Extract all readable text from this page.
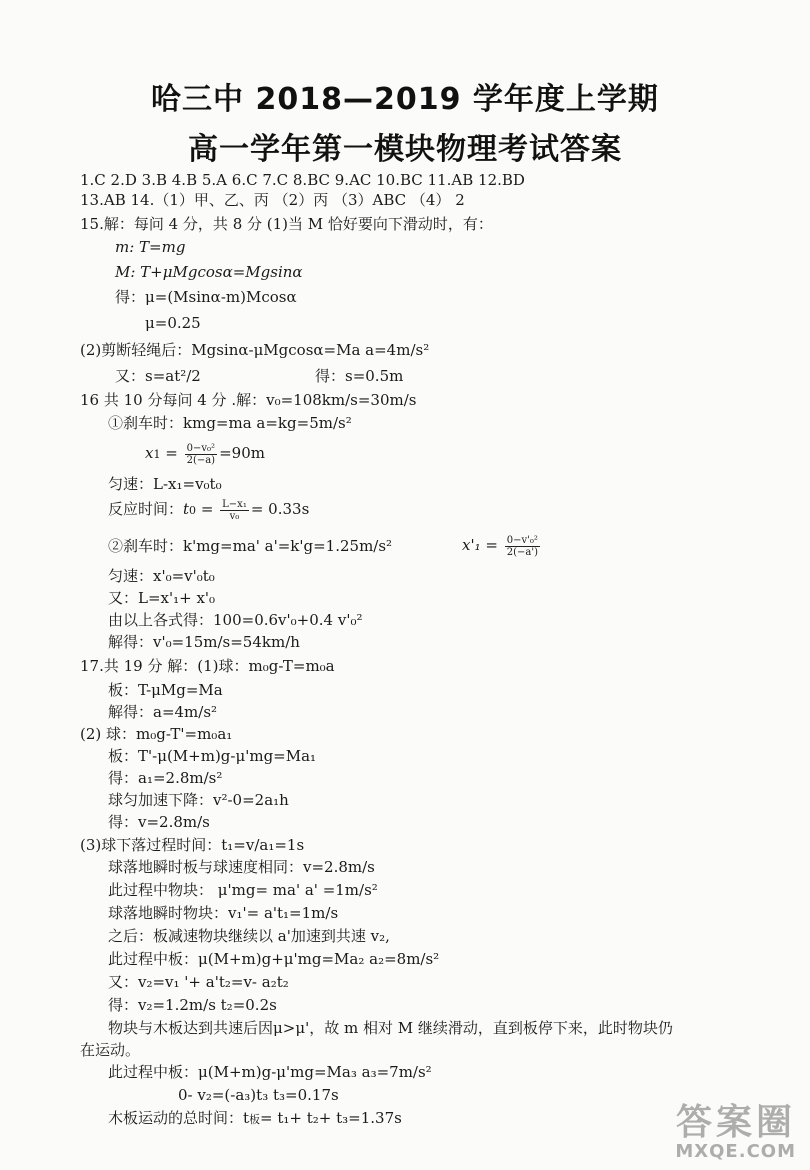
哈三中 2018—2019 学年度上学期
高一学年第一模块物理考试答案
1.C 2.D 3.B 4.B 5.A 6.C 7.C 8.BC 9.AC 10.BC 11.AB 12.BD
13.AB 14.（1）甲、乙、丙 （2）丙 （3）ABC （4） 2
15.解：每问 4 分，共 8 分 (1)当 M 恰好要向下滑动时，有：
m: T=mg
M: T+μMgcosα=Mgsinα
得：μ=(Msinα-m)Mcosα
μ=0.25
(2)剪断轻绳后：Mgsinα-μMgcosα=Ma a=4m/s²
又：s=at²/2	得：s=0.5m
16 共 10 分每问 4 分 .解：v₀=108km/s=30m/s
①刹车时：kmg=ma a=kg=5m/s²
$x1 = \frac{\text{0−v₀²}}{2(-a)} =90m$
匀速：L-x₁=v₀t₀
反应时间：$t0 = \frac{\text{L−x₁}}{\text{v₀}} = 0.33s$
②刹车时：k'mg=ma' a'=k'g=1.25m/s²	$x'_1 = \frac{\text{0−v'₀²}}{2(-a')}$
匀速：x'₀=v'₀t₀
又：L=x'₁+ x'₀
由以上各式得：100=0.6v'₀+0.4 v'₀²
解得：v'₀=15m/s=54km/h
17.共 19 分 解：(1)球：m₀g-T=m₀a
板：T-μMg=Ma
解得：a=4m/s²
(2) 球：m₀g-T'=m₀a₁
板：T'-μ(M+m)g-μ'mg=Ma₁
得：a₁=2.8m/s²
球匀加速下降：v²-0=2a₁h
得：v=2.8m/s
(3)球下落过程时间：t₁=v/a₁=1s
球落地瞬时板与球速度相同：v=2.8m/s
此过程中物块： μ'mg= ma' a' =1m/s²
球落地瞬时物块：v₁'= a't₁=1m/s
之后：板减速物块继续以 a'加速到共速 v₂,
此过程中板：μ(M+m)g+μ'mg=Ma₂ a₂=8m/s²
又：v₂=v₁ '+ a't₂=v- a₂t₂
得：v₂=1.2m/s t₂=0.2s
物块与木板达到共速后因μ>μ'，故 m 相对 M 继续滑动，直到板停下来，此时物块仍
在运动。
此过程中板：μ(M+m)g-μ'mg=Ma₃ a₃=7m/s²
0- v₂=(-a₃)t₃ t₃=0.17s
木板运动的总时间：t板= t₁+ t₂+ t₃=1.37s	答案圈
MXQE.COM
